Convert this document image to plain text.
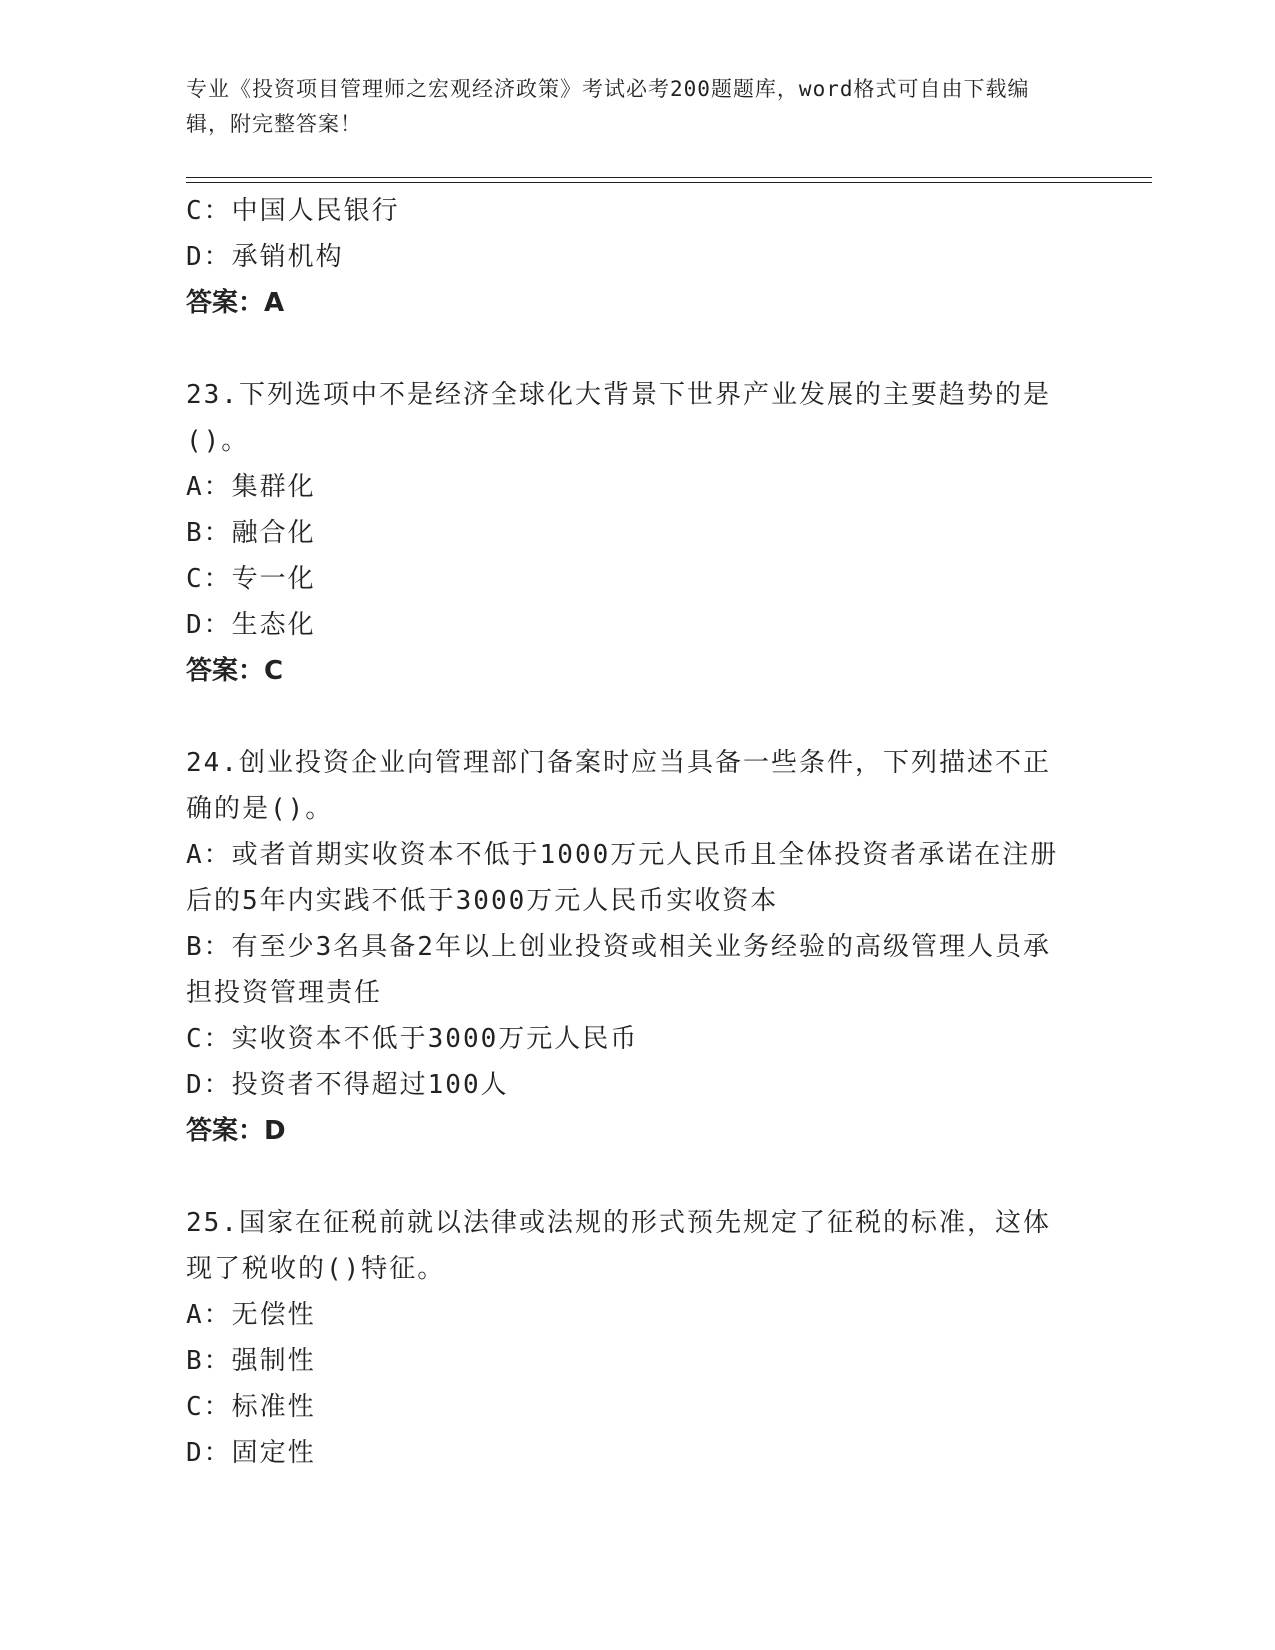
专业《投资项目管理师之宏观经济政策》考试必考200题题库，word格式可自由下载编辑，附完整答案！

C：中国人民银行

D：承销机构

答案：A

23.下列选项中不是经济全球化大背景下世界产业发展的主要趋势的是()。

A：集群化

B：融合化

C：专一化

D：生态化

答案：C

24.创业投资企业向管理部门备案时应当具备一些条件，下列描述不正确的是()。

A：或者首期实收资本不低于1000万元人民币且全体投资者承诺在注册后的5年内实践不低于3000万元人民币实收资本

B：有至少3名具备2年以上创业投资或相关业务经验的高级管理人员承担投资管理责任

C：实收资本不低于3000万元人民币

D：投资者不得超过100人

答案：D

25.国家在征税前就以法律或法规的形式预先规定了征税的标准，这体现了税收的()特征。

A：无偿性

B：强制性

C：标准性

D：固定性
